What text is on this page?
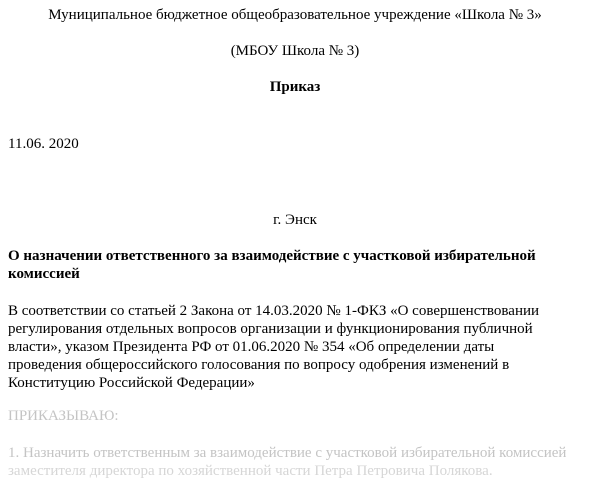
Муниципальное бюджетное общеобразовательное учреждение «Школа № 3»
(МБОУ Школа № 3)
Приказ
11.06. 2020
г. Энск
О назначении ответственного за взаимодействие с участковой избирательной
комиссией
В соответствии со статьей 2 Закона от 14.03.2020 № 1-ФКЗ «О совершенствовании
регулирования отдельных вопросов организации и функционирования публичной
власти», указом Президента РФ от 01.06.2020 № 354 «Об определении даты
проведения общероссийского голосования по вопросу одобрения изменений в
Конституцию Российской Федерации»
ПРИКАЗЫВАЮ:
1. Назначить ответственным за взаимодействие с участковой избирательной комиссией
заместителя директора по хозяйственной части Петра Петровича Полякова.
